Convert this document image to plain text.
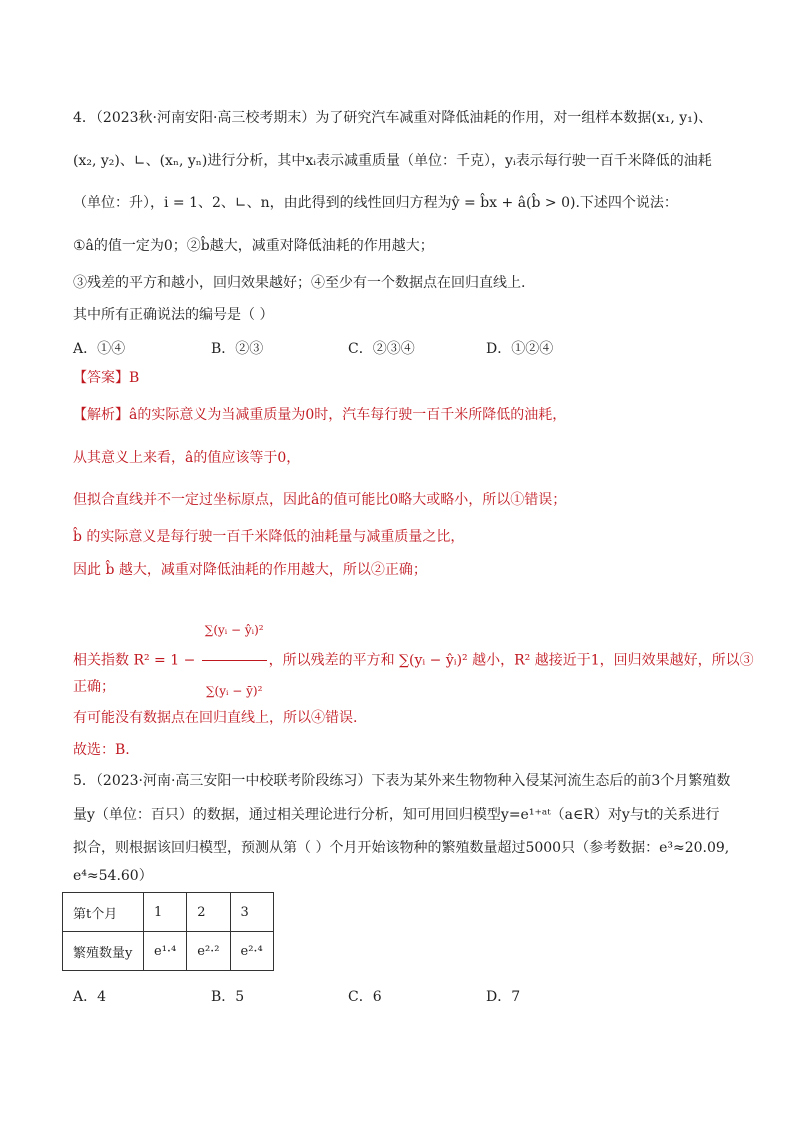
4．（2023秋·河南安阳·高三校考期末）为了研究汽车减重对降低油耗的作用，对一组样本数据(x₁, y₁)、
(x₂, y₂)、∟、(xₙ, yₙ)进行分析，其中xᵢ表示减重质量（单位：千克），yᵢ表示每行驶一百千米降低的油耗
（单位：升），i = 1、2、∟、n，由此得到的线性回归方程为ŷ = b̂x + â(b̂ > 0).下述四个说法：
①â的值一定为0；②b̂越大，减重对降低油耗的作用越大；
③残差的平方和越小，回归效果越好；④至少有一个数据点在回归直线上.
其中所有正确说法的编号是（ ）
A．①④	B．②③	C．②③④	D．①②④
【答案】B
【解析】â的实际意义为当减重质量为0时，汽车每行驶一百千米所降低的油耗，
从其意义上来看，â的值应该等于0，
但拟合直线并不一定过坐标原点，因此â的值可能比0略大或略小，所以①错误；
b̂ 的实际意义是每行驶一百千米降低的油耗量与减重质量之比，
因此 b̂ 越大，减重对降低油耗的作用越大，所以②正确；
相关指数 $R^2 = 1 - \frac{\text{∑(yᵢ − ŷᵢ)²}}{\text{∑(yᵢ − ȳ)²}}$ ，所以残差的平方和 ∑(yᵢ − ŷᵢ)² 越小，R² 越接近于1，回归效果越好，所以③
正确；
有可能没有数据点在回归直线上，所以④错误.
故选：B.
5．（2023·河南·高三安阳一中校联考阶段练习）下表为某外来生物物种入侵某河流生态后的前3个月繁殖数
量y（单位：百只）的数据，通过相关理论进行分析，知可用回归模型y=e¹⁺ᵃᵗ（a∈R）对y与t的关系进行
拟合，则根据该回归模型，预测从第（ ）个月开始该物种的繁殖数量超过5000只（参考数据：e³≈20.09,
e⁴≈54.60）
第t个月	1	2	3
繁殖数量y	e¹·⁴	e²·²	e²·⁴
A．4	B．5	C．6	D．7
